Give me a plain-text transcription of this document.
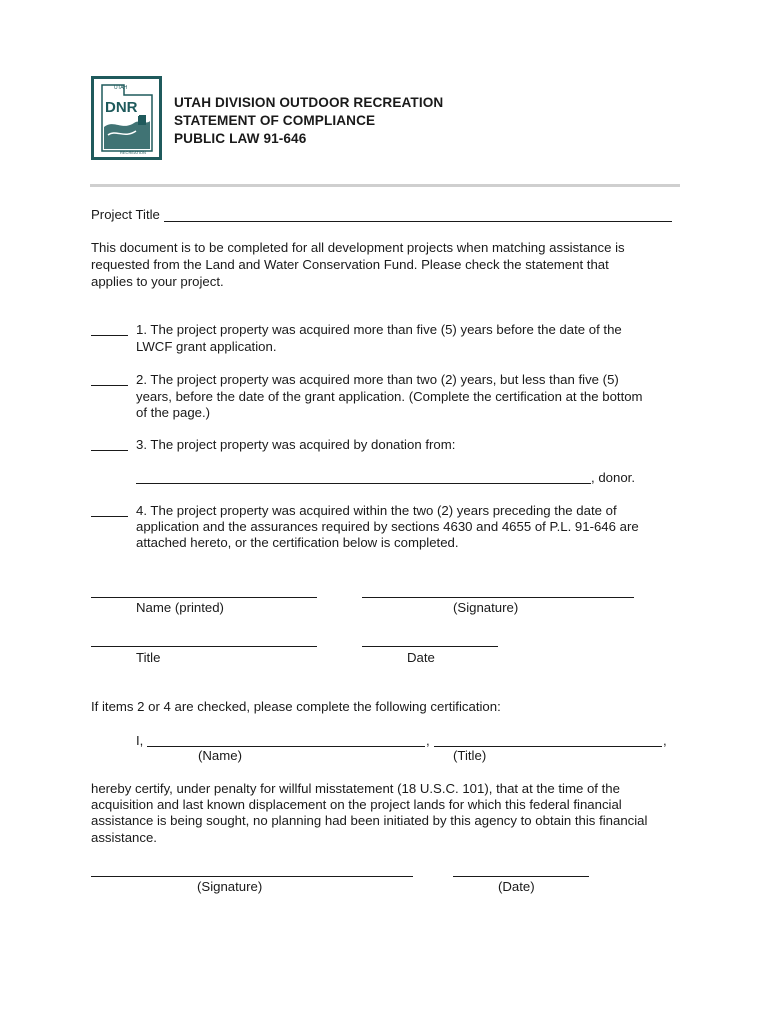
UTAH
DNR
RECREATION
UTAH DIVISION OUTDOOR RECREATION
STATEMENT OF COMPLIANCE
PUBLIC LAW 91-646
Project Title
This document is to be completed for all development projects when matching assistance is
requested from the Land and Water Conservation Fund. Please check the statement that
applies to your project.
1. The project property was acquired more than five (5) years before the date of the
LWCF grant application.
2. The project property was acquired more than two (2) years, but less than five (5)
years, before the date of the grant application. (Complete the certification at the bottom
of the page.)
3. The project property was acquired by donation from:
, donor.
4. The project property was acquired within the two (2) years preceding the date of
application and the assurances required by sections 4630 and 4655 of P.L. 91-646 are
attached hereto, or the certification below is completed.
Name (printed)	(Signature)
Title	Date
If items 2 or 4 are checked, please complete the following certification:
I,	,	,
(Name)	(Title)
hereby certify, under penalty for willful misstatement (18 U.S.C. 101), that at the time of the
acquisition and last known displacement on the project lands for which this federal financial
assistance is being sought, no planning had been initiated by this agency to obtain this financial
assistance.
(Signature)	(Date)
